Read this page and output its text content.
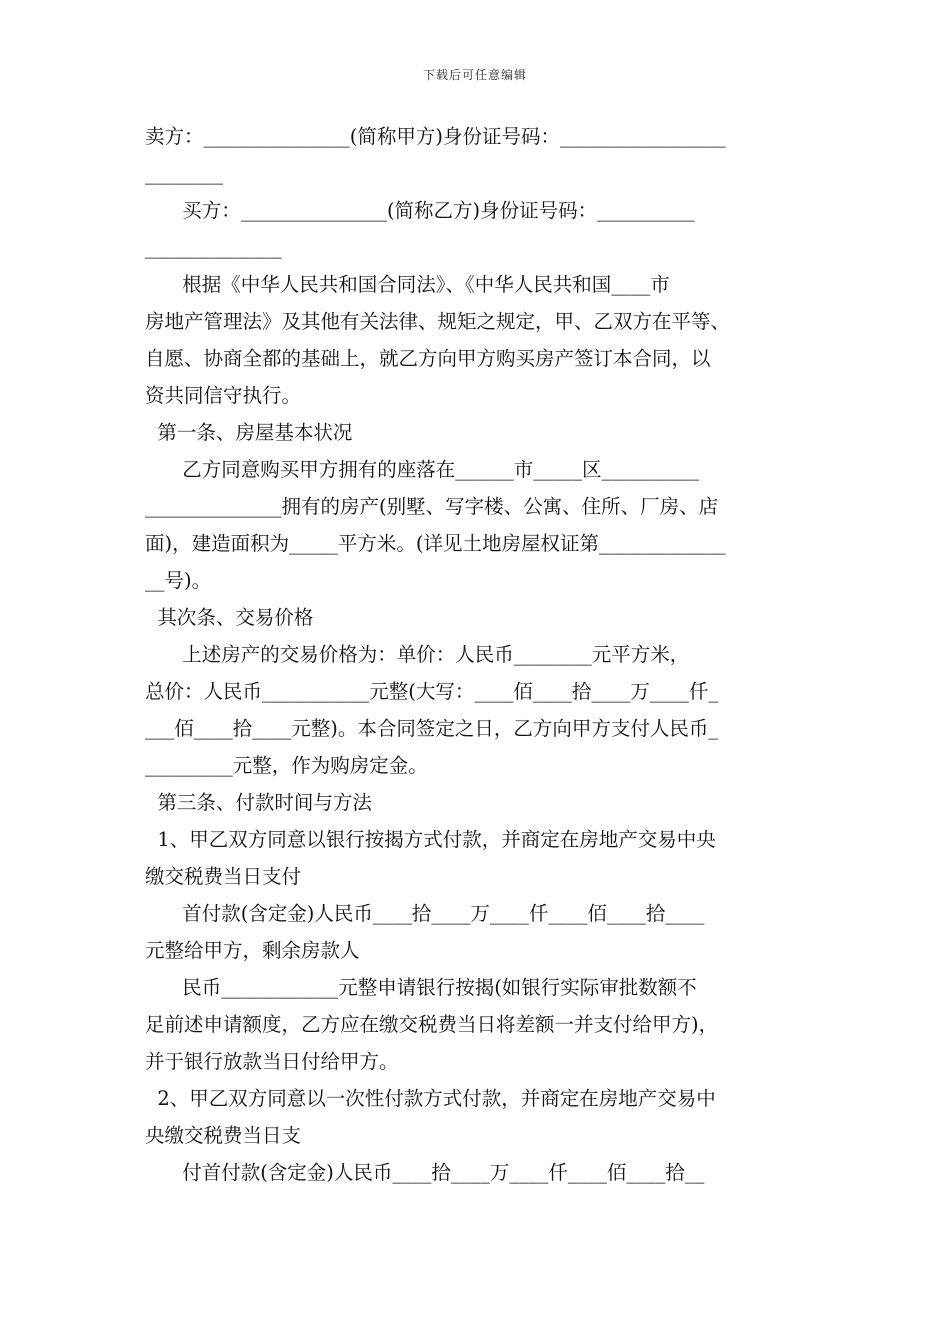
下载后可任意编辑
卖方：_______________(简称甲方)身份证号码：_________________
________
买方：_______________(简称乙方)身份证号码：__________
______________
根据《中华人民共和国合同法》、《中华人民共和国____市
房地产管理法》及其他有关法律、规矩之规定，甲、乙双方在平等、
自愿、协商全都的基础上，就乙方向甲方购买房产签订本合同，以
资共同信守执行。
第一条、房屋基本状况
乙方同意购买甲方拥有的座落在______市_____区__________
______________拥有的房产(别墅、写字楼、公寓、住所、厂房、店
面)，建造面积为_____平方米。(详见土地房屋权证第_____________
__号)。
其次条、交易价格
上述房产的交易价格为：单价：人民币________元平方米，
总价：人民币___________元整(大写：____佰____拾____万____仟_
___佰____拾____元整)。本合同签定之日，乙方向甲方支付人民币_
_________元整，作为购房定金。
第三条、付款时间与方法
1、甲乙双方同意以银行按揭方式付款，并商定在房地产交易中央
缴交税费当日支付
首付款(含定金)人民币____拾____万____仟____佰____拾____
元整给甲方，剩余房款人
民币____________元整申请银行按揭(如银行实际审批数额不
足前述申请额度，乙方应在缴交税费当日将差额一并支付给甲方)，
并于银行放款当日付给甲方。
2、甲乙双方同意以一次性付款方式付款，并商定在房地产交易中
央缴交税费当日支
付首付款(含定金)人民币____拾____万____仟____佰____拾__
